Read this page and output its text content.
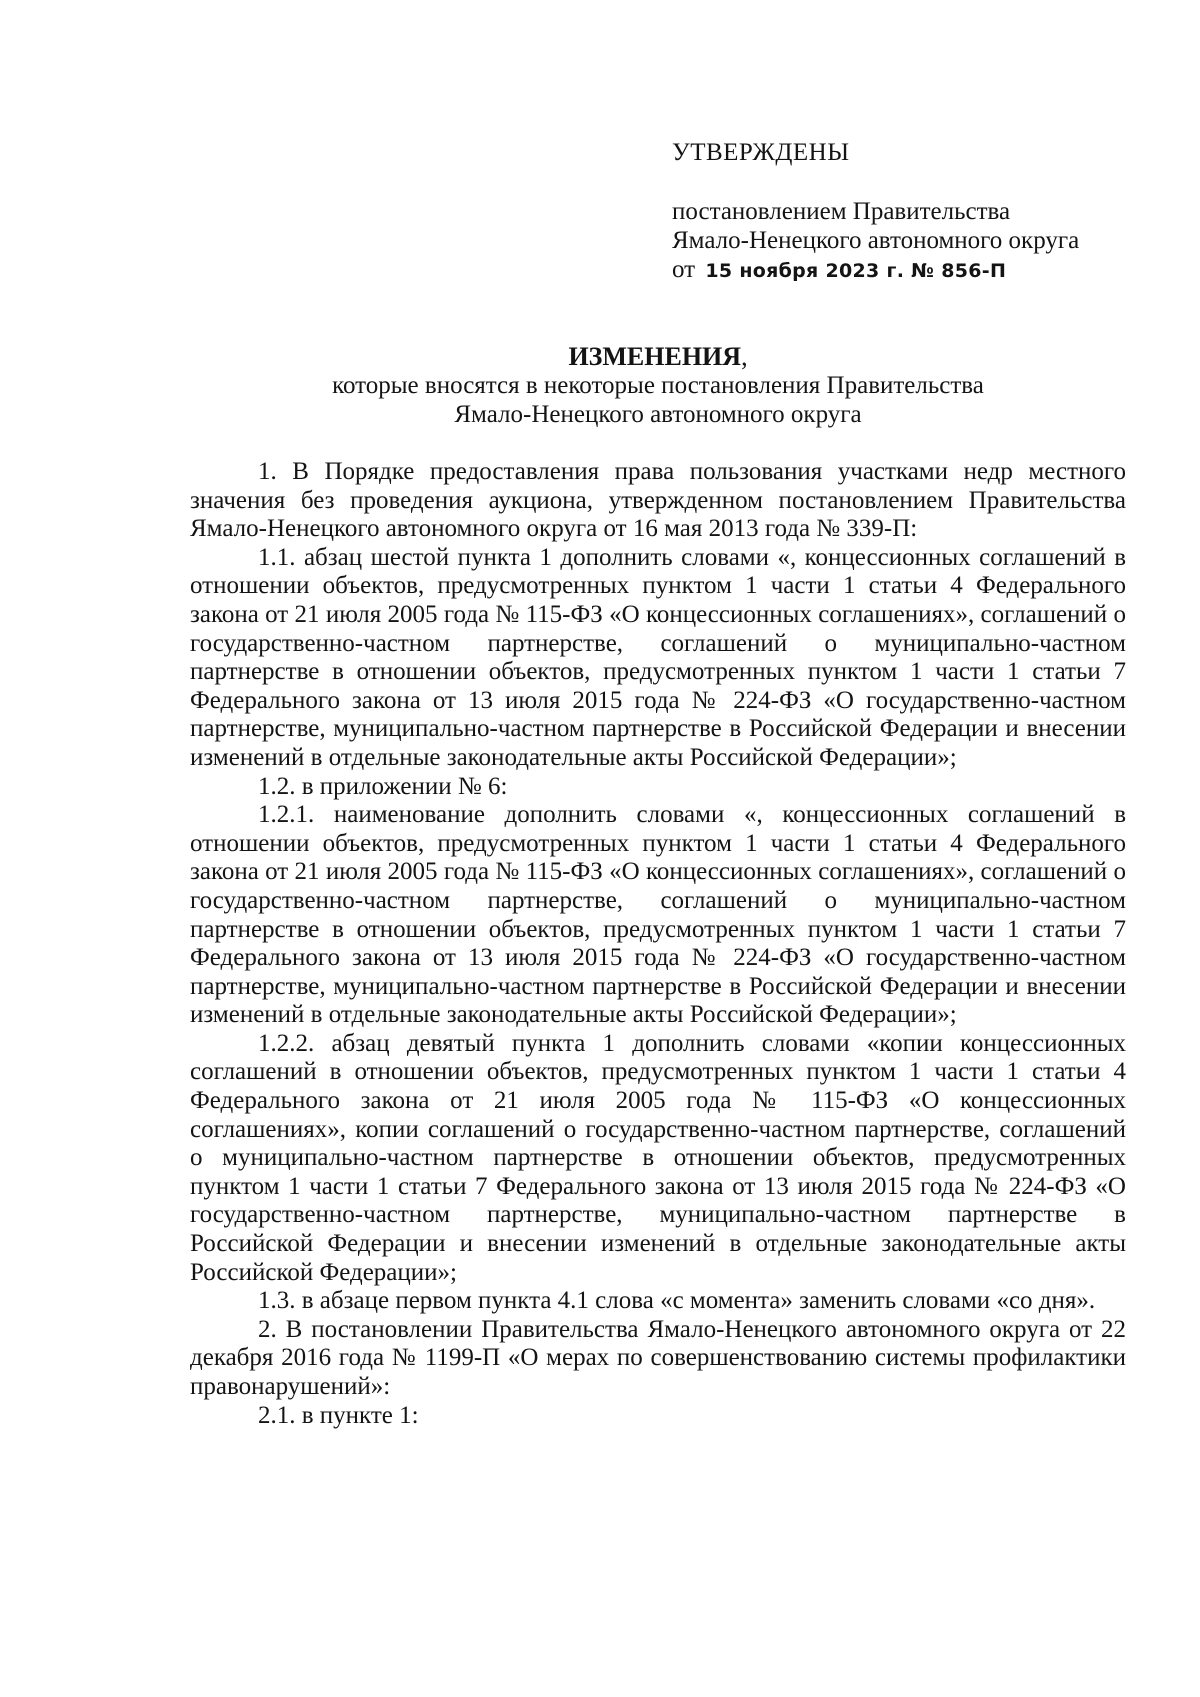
УТВЕРЖДЕНЫ

постановлением Правительства

Ямало-Ненецкого автономного округа

от 15 ноября 2023 г. № 856-П

ИЗМЕНЕНИЯ,

которые вносятся в некоторые постановления Правительства

Ямало-Ненецкого автономного округа

1. В Порядке предоставления права пользования участками недр местного значения без проведения аукциона, утвержденном постановлением Правительства Ямало-Ненецкого автономного округа от 16 мая 2013 года № 339-П:

1.1. абзац шестой пункта 1 дополнить словами «, концессионных соглашений в отношении объектов, предусмотренных пунктом 1 части 1 статьи 4 Федерального закона от 21 июля 2005 года № 115-ФЗ «О концессионных соглашениях», соглашений о государственно-частном партнерстве, соглашений о муниципально-частном партнерстве в отношении объектов, предусмотренных пунктом 1 части 1 статьи 7 Федерального закона от 13 июля 2015 года № 224-ФЗ «О государственно-частном партнерстве, муниципально-частном партнерстве в Российской Федерации и внесении изменений в отдельные законодательные акты Российской Федерации»;

1.2. в приложении № 6:

1.2.1. наименование дополнить словами «, концессионных соглашений в отношении объектов, предусмотренных пунктом 1 части 1 статьи 4 Федерального закона от 21 июля 2005 года № 115-ФЗ «О концессионных соглашениях», соглашений о государственно-частном партнерстве, соглашений о муниципально-частном партнерстве в отношении объектов, предусмотренных пунктом 1 части 1 статьи 7 Федерального закона от 13 июля 2015 года № 224-ФЗ «О государственно-частном партнерстве, муниципально-частном партнерстве в Российской Федерации и внесении изменений в отдельные законодательные акты Российской Федерации»;

1.2.2. абзац девятый пункта 1 дополнить словами «копии концессионных соглашений в отношении объектов, предусмотренных пунктом 1 части 1 статьи 4 Федерального закона от 21 июля 2005 года № 115-ФЗ «О концессионных соглашениях», копии соглашений о государственно-частном партнерстве, соглашений о муниципально-частном партнерстве в отношении объектов, предусмотренных пунктом 1 части 1 статьи 7 Федерального закона от 13 июля 2015 года № 224-ФЗ «О государственно-частном партнерстве, муниципально-частном партнерстве в Российской Федерации и внесении изменений в отдельные законодательные акты Российской Федерации»;

1.3. в абзаце первом пункта 4.1 слова «с момента» заменить словами «со дня».

2. В постановлении Правительства Ямало-Ненецкого автономного округа от 22 декабря 2016 года № 1199-П «О мерах по совершенствованию системы профилактики правонарушений»:

2.1. в пункте 1:
